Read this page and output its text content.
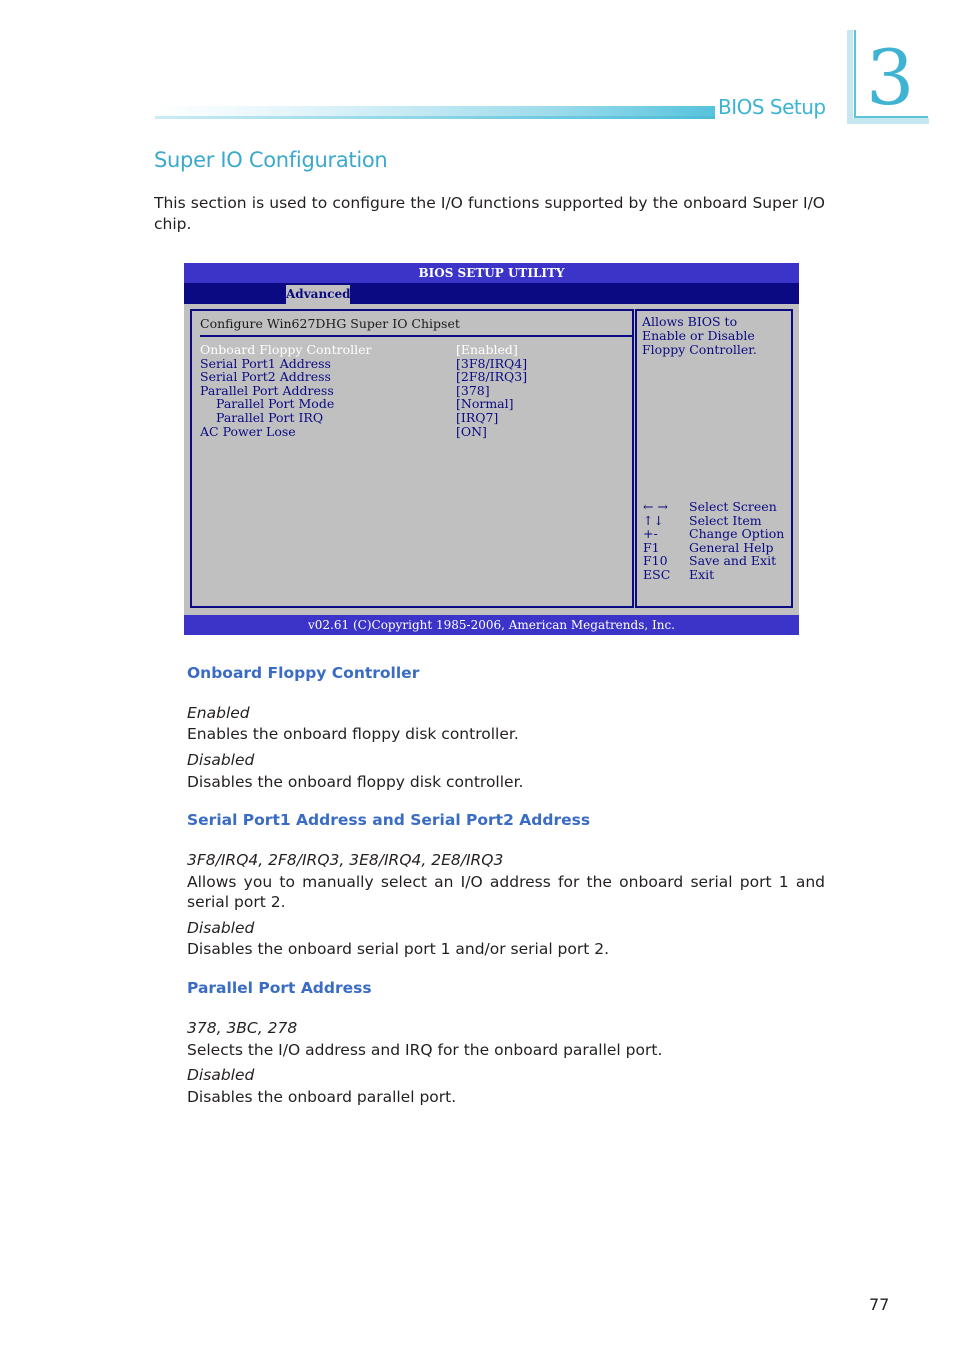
BIOS Setup 3
Super IO Configuration
This section is used to configure the I/O functions supported by the onboard Super I/O chip.
BIOS SETUP UTILITY
Advanced
Configure Win627DHG Super IO Chipset
Onboard Floppy Controller	[Enabled]
Serial Port1 Address	[3F8/IRQ4]
Serial Port2 Address	[2F8/IRQ3]
Parallel Port Address	[378]
Parallel Port Mode	[Normal]
Parallel Port IRQ	[IRQ7]
AC Power Lose	[ON]
Allows BIOS to Enable or Disable Floppy Controller.
← → Select Screen
↑↓ Select Item
+-	Change Option
F1 General Help
F10 Save and Exit
ESC Exit
v02.61 (C)Copyright 1985-2006, American Megatrends, Inc.
Onboard Floppy Controller
Enabled
Enables the onboard floppy disk controller.
Disabled
Disables the onboard floppy disk controller.
Serial Port1 Address and Serial Port2 Address
3F8/IRQ4, 2F8/IRQ3, 3E8/IRQ4, 2E8/IRQ3
Allows you to manually select an I/O address for the onboard serial port 1 and serial port 2.
Disabled
Disables the onboard serial port 1 and/or serial port 2.
Parallel Port Address
378, 3BC, 278
Selects the I/O address and IRQ for the onboard parallel port.
Disabled
Disables the onboard parallel port.
77
